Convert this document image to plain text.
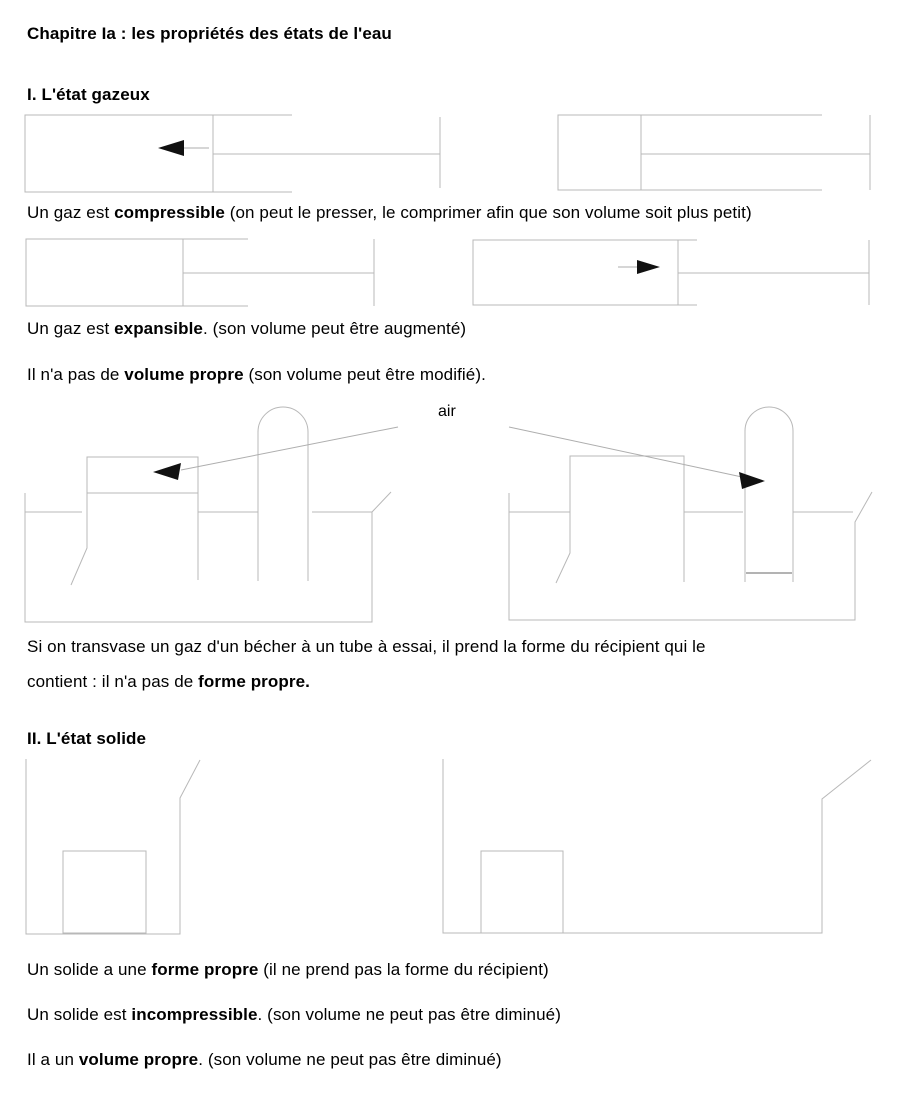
Chapitre Ia : les propriétés des états de l'eau
I. L'état gazeux
Un gaz est compressible (on peut le presser, le comprimer afin que son volume soit plus petit)
Un gaz est expansible. (son volume peut être augmenté)
Il n'a pas de volume propre (son volume peut être modifié).
air
Si on transvase un gaz d'un bécher à un tube à essai, il prend la forme du récipient qui le
contient : il n'a pas de forme propre.
II. L'état solide
Un solide a une forme propre (il ne prend pas la forme du récipient)
Un solide est incompressible. (son volume ne peut pas être diminué)
Il a un volume propre. (son volume ne peut pas être diminué)
